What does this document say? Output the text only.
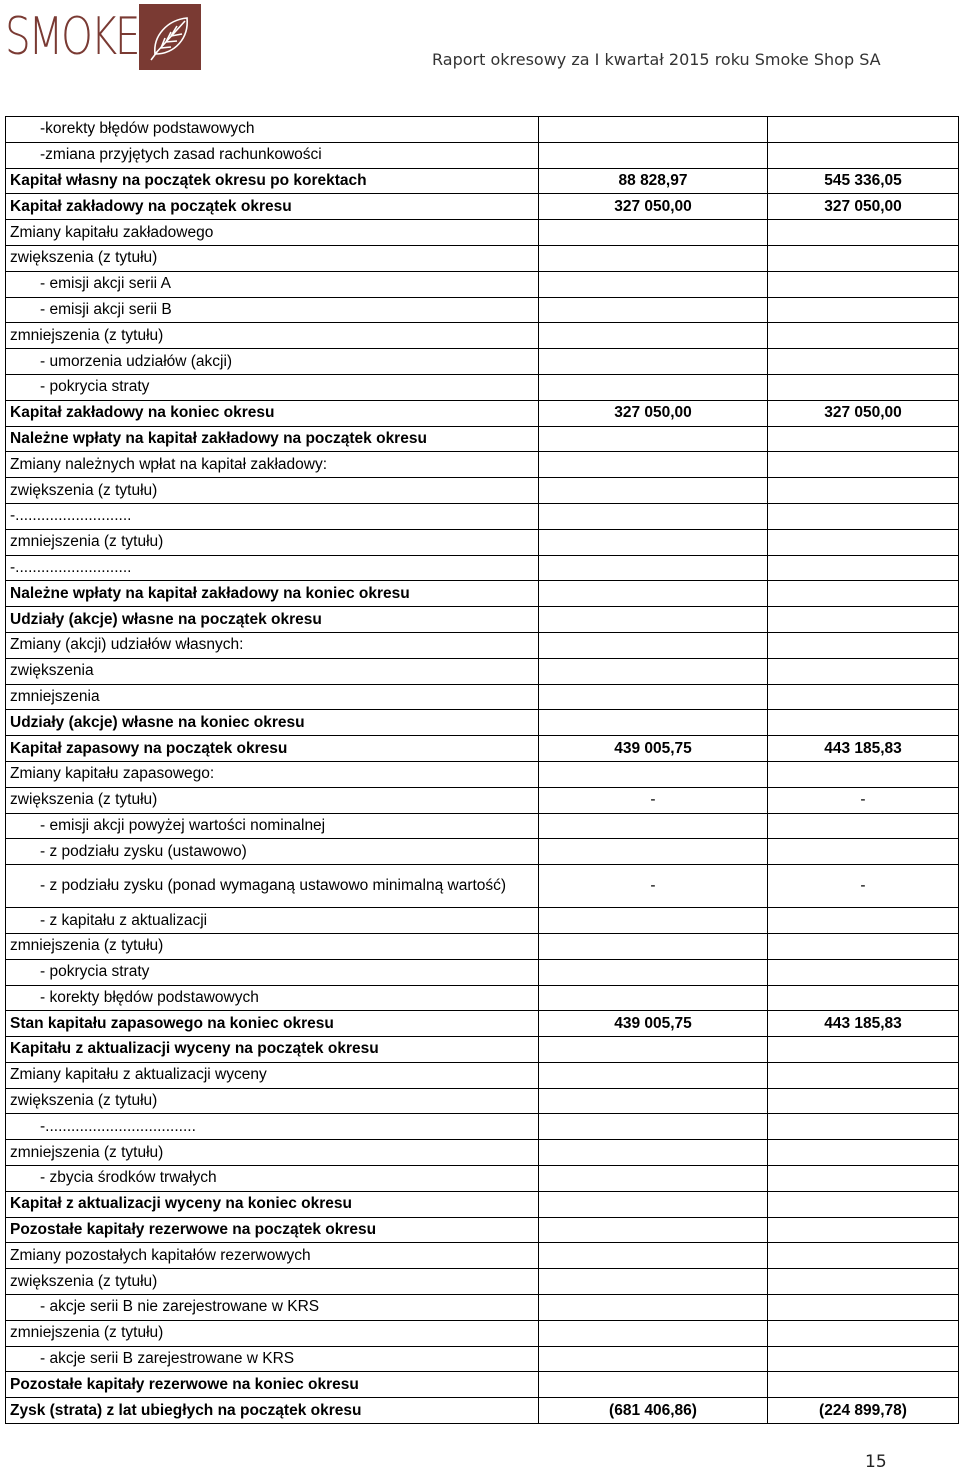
SMOKE	Raport okresowy za I kwartał 2015 roku Smoke Shop SA
-korekty błędów podstawowych		
-zmiana przyjętych zasad rachunkowości		
Kapitał własny na początek okresu po korektach	88 828,97	545 336,05
Kapitał zakładowy na początek okresu	327 050,00	327 050,00
Zmiany kapitału zakładowego		
zwiększenia (z tytułu)		
- emisji akcji serii A		
- emisji akcji serii B		
zmniejszenia (z tytułu)		
- umorzenia udziałów (akcji)		
- pokrycia straty		
Kapitał zakładowy na koniec okresu	327 050,00	327 050,00
Należne wpłaty na kapitał zakładowy na początek okresu		
Zmiany należnych wpłat na kapitał zakładowy:		
zwiększenia (z tytułu)		
-...........................		
zmniejszenia (z tytułu)		
-...........................		
Należne wpłaty na kapitał zakładowy na koniec okresu		
Udziały (akcje) własne na początek okresu		
Zmiany (akcji) udziałów własnych:		
zwiększenia		
zmniejszenia		
Udziały (akcje) własne na koniec okresu		
Kapitał zapasowy na początek okresu	439 005,75	443 185,83
Zmiany kapitału zapasowego:		
zwiększenia (z tytułu)	-	-
- emisji akcji powyżej wartości nominalnej		
- z podziału zysku (ustawowo)		
- z podziału zysku (ponad wymaganą ustawowo minimalną wartość)	-	-
- z kapitału z aktualizacji		
zmniejszenia (z tytułu)		
- pokrycia straty		
- korekty błędów podstawowych		
Stan kapitału zapasowego na koniec okresu	439 005,75	443 185,83
Kapitału z aktualizacji wyceny na początek okresu		
Zmiany kapitału z aktualizacji wyceny		
zwiększenia (z tytułu)		
-...................................		
zmniejszenia (z tytułu)		
- zbycia środków trwałych		
Kapitał z aktualizacji wyceny na koniec okresu		
Pozostałe kapitały rezerwowe na początek okresu		
Zmiany pozostałych kapitałów rezerwowych		
zwiększenia (z tytułu)		
- akcje serii B nie zarejestrowane w KRS		
zmniejszenia (z tytułu)		
- akcje serii B zarejestrowane w KRS		
Pozostałe kapitały rezerwowe na koniec okresu		
Zysk (strata) z lat ubiegłych na początek okresu	(681 406,86)	(224 899,78)
15
